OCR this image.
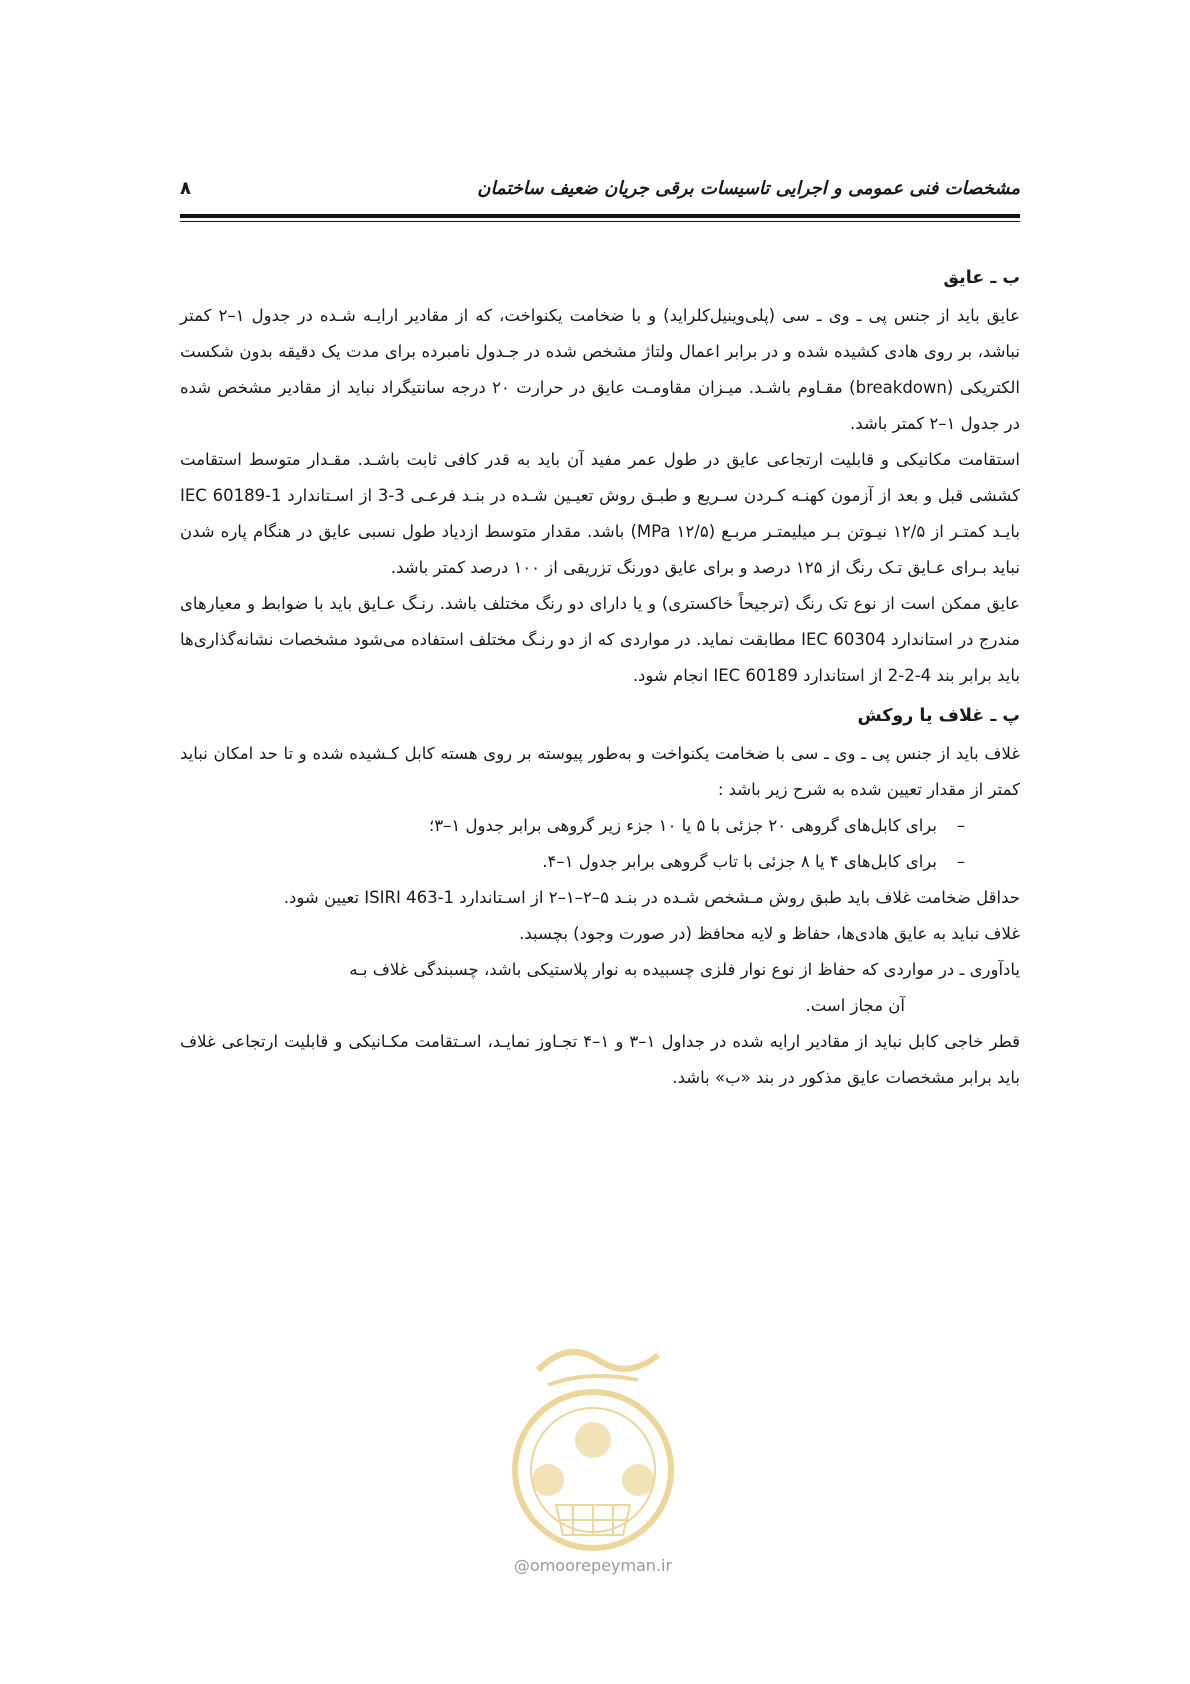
مشخصات فنی عمومی و اجرایی تاسیسات برقی جریان ضعیف ساختمان
۸

ب ـ عایق

عایق باید از جنس پی ـ وی ـ سی (پلی‌وینیل‌کلراید) و با ضخامت یکنواخت، که از مقادیر ارایـه شـده در جدول ۱–۲ کمتر نباشد، بر روی هادی کشیده شده و در برابر اعمال ولتاژ مشخص شده در جـدول نامبرده برای مدت یک دقیقه بدون شکست الکتریکی (breakdown) مقـاوم باشـد. میـزان مقاومـت عایق در حرارت ۲۰ درجه سانتیگراد نباید از مقادیر مشخص شده در جدول ۱–۲ کمتر باشد.

استقامت مکانیکی و قابلیت ارتجاعی عایق در طول عمر مفید آن باید به قدر کافی ثابت باشـد. مقـدار متوسط استقامت کششی قبل و بعد از آزمون کهنـه کـردن سـریع و طبـق روش تعیـین شـده در بنـد فرعـی 3-3 از اسـتاندارد IEC 60189-1 بایـد کمتـر از ۱۲/۵ نیـوتن بـر میلیمتـر مربـع (۱۲/۵ MPa) باشد. مقدار متوسط ازدیاد طول نسبی عایق در هنگام پاره شدن نباید بـرای عـایق تـک رنگ از ۱۲۵ درصد و برای عایق دورنگ تزریقی از ۱۰۰ درصد کمتر باشد.

عایق ممکن است از نوع تک رنگ (ترجیحاً خاکستری) و یا دارای دو رنگ مختلف باشد. رنـگ عـایق باید با ضوابط و معیارهای مندرج در استاندارد IEC 60304 مطابقت نماید. در مواردی که از دو رنـگ مختلف استفاده می‌شود مشخصات نشانه‌گذاری‌ها باید برابر بند 4-2-2 از استاندارد IEC 60189 انجام شود.

پ ـ غلاف یا روکش

غلاف باید از جنس پی ـ وی ـ سی با ضخامت یکنواخت و به‌طور پیوسته بر روی هسته کابل کـشیده شده و تا حد امکان نباید کمتر از مقدار تعیین شده به شرح زیر باشد :

–برای کابل‌های گروهی ۲۰ جزئی با ۵ یا ۱۰ جزء زیر گروهی برابر جدول ۱–۳؛

–برای کابل‌های ۴ یا ۸ جزئی با تاب گروهی برابر جدول ۱–۴.

حداقل ضخامت غلاف باید طبق روش مـشخص شـده در بنـد ۵–۲–۱–۲ از اسـتاندارد ISIRI 463-1 تعیین شود.

غلاف نباید به عایق هادی‌ها، حفاظ و لایه محافظ (در صورت وجود) بچسبد.

یادآوری ـ در مواردی که حفاظ از نوع نوار فلزی چسبیده به نوار پلاستیکی باشد، چسبندگی غلاف بـه

آن مجاز است.

قطر خاجی کابل نباید از مقادیر ارایه شده در جداول ۱–۳ و ۱–۴ تجـاوز نمایـد، اسـتقامت مکـانیکی و قابلیت ارتجاعی غلاف باید برابر مشخصات عایق مذکور در بند «ب» باشد.

@omoorepeyman.ir
